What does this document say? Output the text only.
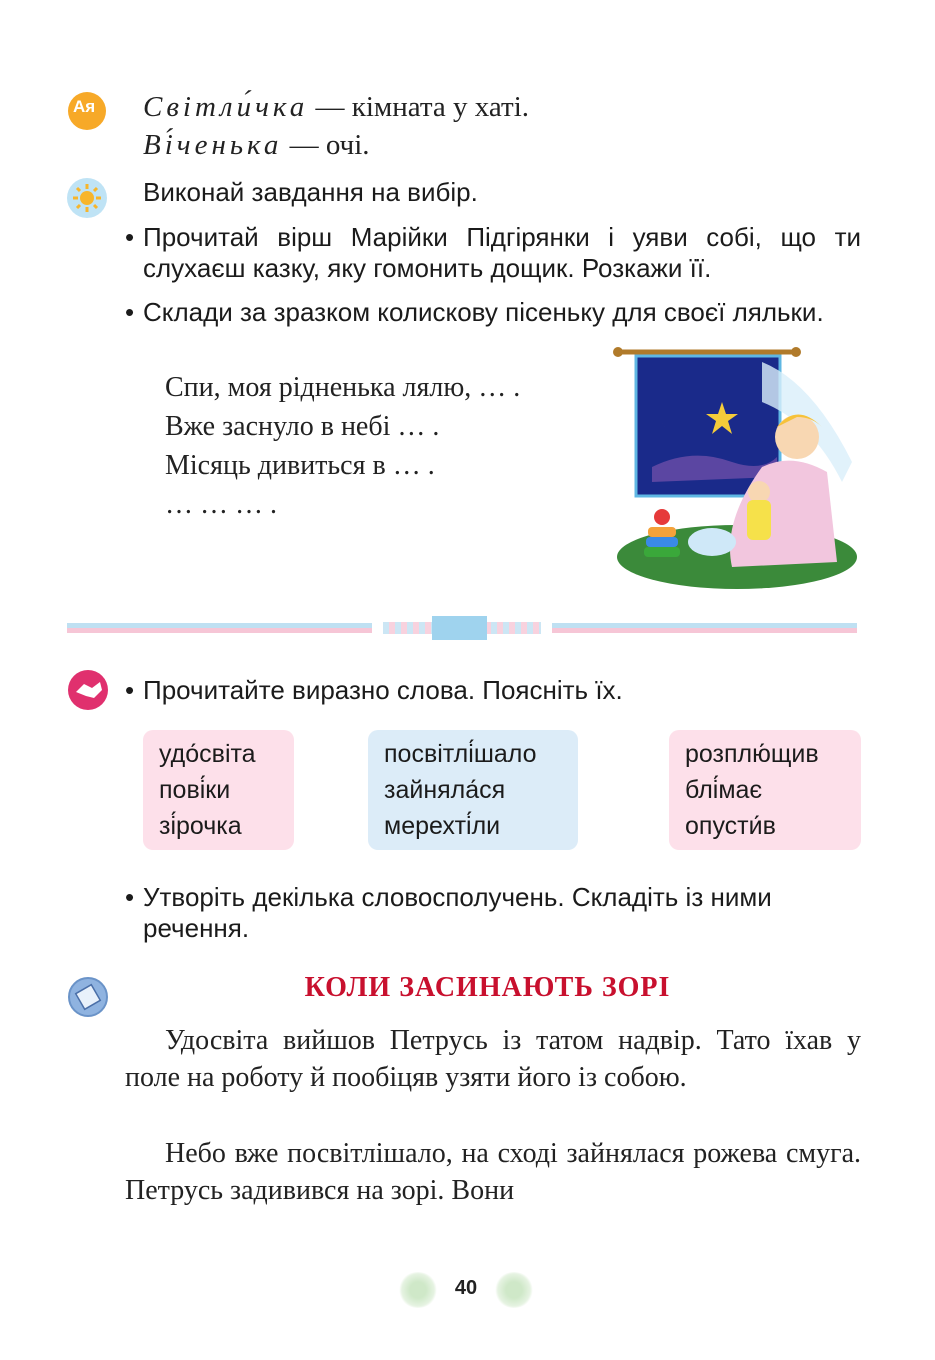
Ая Світли́чка — кімната у хаті.
Ві́ченька — очі.
Виконай завдання на вибір.
• Прочитай вірш Марійки Підгірянки і уяви собі, що ти слухаєш казку, яку гомонить дощик. Розкажи її.
• Склади за зразком колискову пісеньку для своєї ляльки.
Спи, моя рідненька лялю, … .
Вже заснуло в небі … .
Місяць дивиться в … .
… … … .
• Прочитайте виразно слова. Поясніть їх.
удо́світа
пові́ки
зі́рочка
посвітлі́шало
зайняла́ся
мерехті́ли
розплю́щив
блі́має
опусти́в
• Утворіть декілька словосполучень. Складіть із ними речення.
КОЛИ ЗАСИНАЮТЬ ЗОРІ
Удосвіта вийшов Петрусь із татом надвір. Тато їхав у поле на роботу й пообіцяв узяти його із собою.
Небо вже посвітлішало, на сході зайнялася рожева смуга. Петрусь задивився на зорі. Вони
40
